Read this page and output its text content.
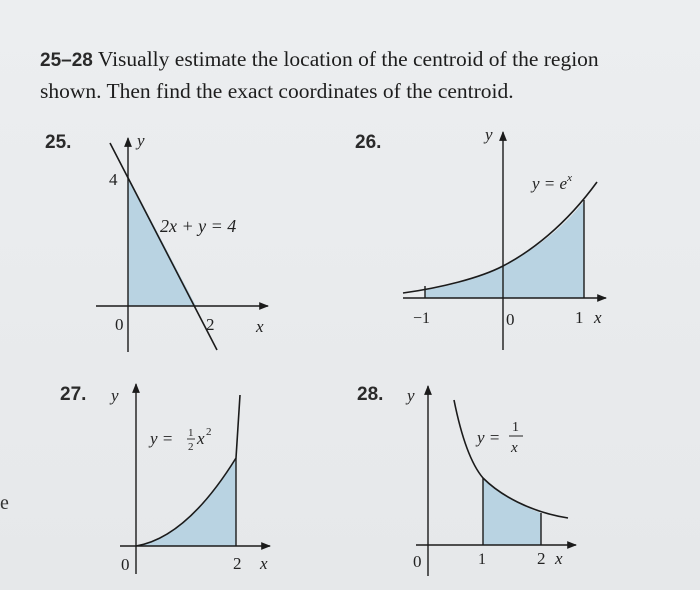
25–28 Visually estimate the location of the centroid of the region
shown. Then find the exact coordinates of the centroid.
e
25.	y
4
2x + y = 4
0	2 x
26.	y
$y = e^x$
−1	0	1 x
27. y
y = 1
2 x 2
0	2 x
28. y
y =
1
x
0	1	2 x
